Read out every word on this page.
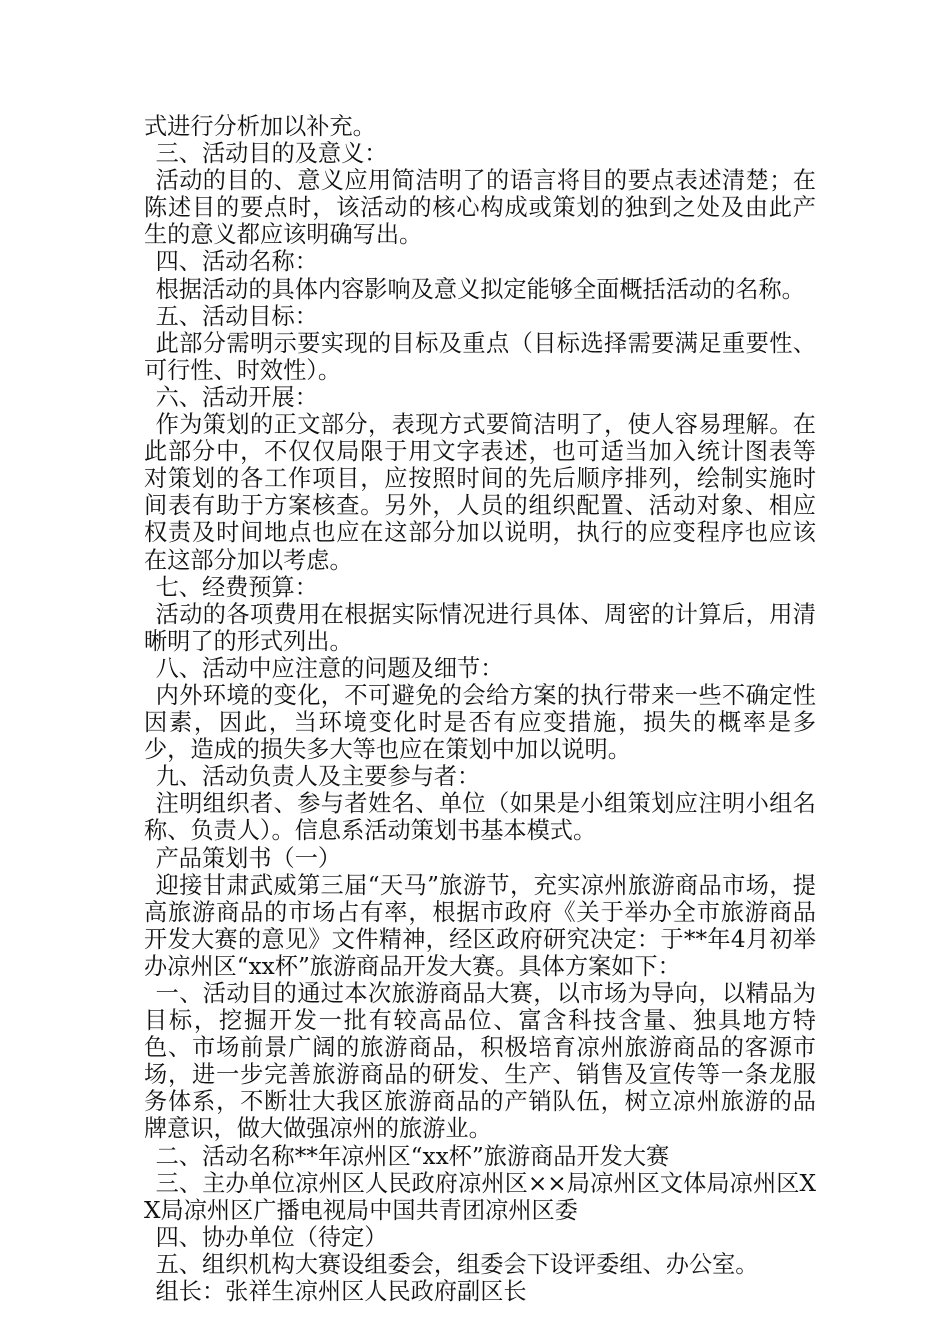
式进行分析加以补充。

三、活动目的及意义：

活动的目的、意义应用简洁明了的语言将目的要点表述清楚；在陈述目的要点时，该活动的核心构成或策划的独到之处及由此产生的意义都应该明确写出。

四、活动名称：

根据活动的具体内容影响及意义拟定能够全面概括活动的名称。

五、活动目标：

此部分需明示要实现的目标及重点（目标选择需要满足重要性、可行性、时效性）。

六、活动开展：

作为策划的正文部分，表现方式要简洁明了，使人容易理解。在此部分中，不仅仅局限于用文字表述，也可适当加入统计图表等对策划的各工作项目，应按照时间的先后顺序排列，绘制实施时间表有助于方案核查。另外，人员的组织配置、活动对象、相应权责及时间地点也应在这部分加以说明，执行的应变程序也应该在这部分加以考虑。

七、经费预算：

活动的各项费用在根据实际情况进行具体、周密的计算后，用清晰明了的形式列出。

八、活动中应注意的问题及细节：

内外环境的变化，不可避免的会给方案的执行带来一些不确定性因素，因此，当环境变化时是否有应变措施，损失的概率是多少，造成的损失多大等也应在策划中加以说明。

九、活动负责人及主要参与者：

注明组织者、参与者姓名、单位（如果是小组策划应注明小组名称、负责人）。信息系活动策划书基本模式。

产品策划书（一）

迎接甘肃武威第三届“天马”旅游节，充实凉州旅游商品市场，提高旅游商品的市场占有率，根据市政府《关于举办全市旅游商品开发大赛的意见》文件精神，经区政府研究决定：于**年4月初举办凉州区“xx杯”旅游商品开发大赛。具体方案如下：

一、活动目的通过本次旅游商品大赛，以市场为导向，以精品为目标，挖掘开发一批有较高品位、富含科技含量、独具地方特色、市场前景广阔的旅游商品，积极培育凉州旅游商品的客源市场，进一步完善旅游商品的研发、生产、销售及宣传等一条龙服务体系，不断壮大我区旅游商品的产销队伍，树立凉州旅游的品牌意识，做大做强凉州的旅游业。

二、活动名称**年凉州区“xx杯”旅游商品开发大赛

三、主办单位凉州区人民政府凉州区××局凉州区文体局凉州区XX局凉州区广播电视局中国共青团凉州区委

四、协办单位（待定）

五、组织机构大赛设组委会，组委会下设评委组、办公室。

组长：张祥生凉州区人民政府副区长
